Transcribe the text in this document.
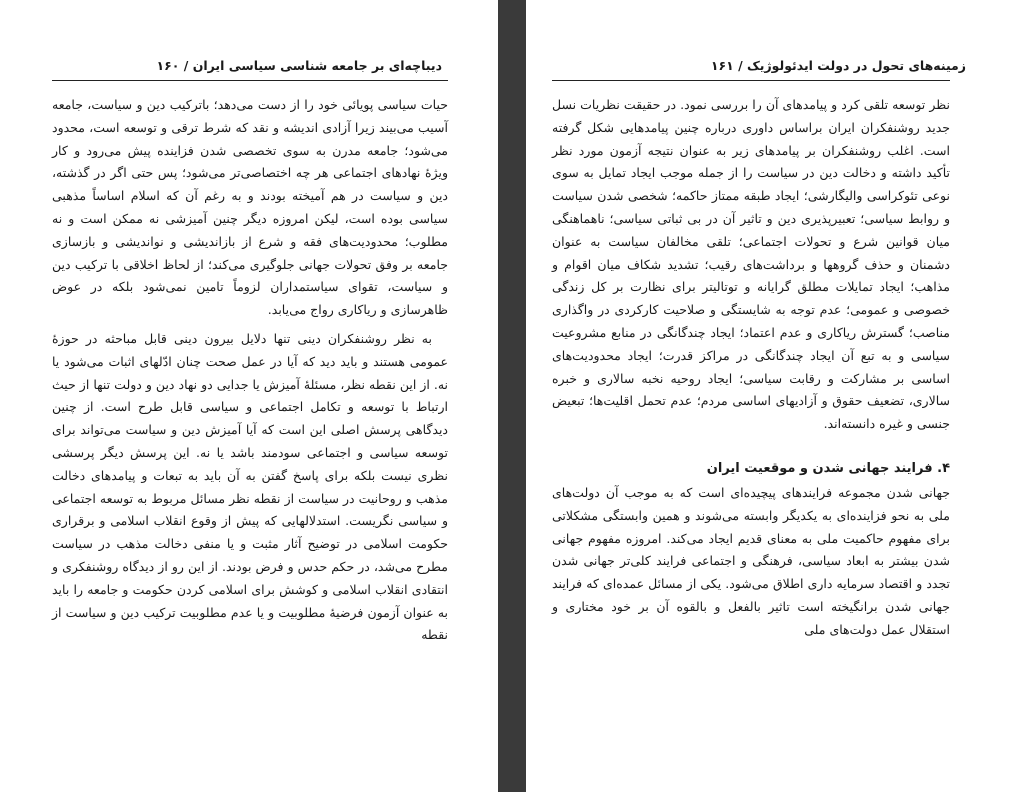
دیباچه‌ای بر جامعه شناسی سیاسی ایران / ۱۶۰

حیات سیاسی پویائی خود را از دست می‌دهد؛ باترکیب دین و سیاست، جامعه آسیب می‌بیند زیرا آزادی اندیشه و نقد که شرط ترقی و توسعه است، محدود می‌شود؛ جامعه مدرن به سوی تخصصی شدن فزاینده پیش می‌رود و کار ویژهٔ نهادهای اجتماعی هر چه اختصاصی‌تر می‌شود؛ پس حتی اگر در گذشته، دین و سیاست در هم آمیخته بودند و به رغم آن که اسلام اساساً مذهبی سیاسی بوده است، لیکن امروزه دیگر چنین آمیزشی نه ممکن است و نه مطلوب؛ محدودیت‌های فقه و شرع از بازاندیشی و نواندیشی و بازسازی جامعه بر وفق تحولات جهانی جلوگیری می‌کند؛ از لحاظ اخلاقی با ترکیب دین و سیاست، تقوای سیاستمداران لزوماً تامین نمی‌شود بلکه در عوض ظاهرسازی و ریاکاری رواج می‌یابد.

به نظر روشنفکران دینی تنها دلایل بیرون دینی قابل مباحثه در حوزهٔ عمومی هستند و باید دید که آیا در عمل صحت چنان ادّلهای اثبات می‌شود یا نه. از این نقطه نظر، مسئلهٔ آمیزش یا جدایی دو نهاد دین و دولت تنها از حیث ارتباط با توسعه و تکامل اجتماعی و سیاسی قابل طرح است. از چنین دیدگاهی پرسش اصلی این است که آیا آمیزش دین و سیاست می‌تواند برای توسعه سیاسی و اجتماعی سودمند باشد یا نه. این پرسش دیگر پرسشی نظری نیست بلکه برای پاسخ گفتن به آن باید به تبعات و پیامدهای دخالت مذهب و روحانیت در سیاست از نقطه نظر مسائل مربوط به توسعه اجتماعی و سیاسی نگریست. استدلالهایی که پیش از وقوع انقلاب اسلامی و برقراری حکومت اسلامی در توضیح آثار مثبت و یا منفی دخالت مذهب در سیاست مطرح می‌شد، در حکم حدس و فرض بودند. از این رو از دیدگاه روشنفکری و انتقادی انقلاب اسلامی و کوشش برای اسلامی کردن حکومت و جامعه را باید به عنوان آزمون فرضیهٔ مطلوبیت و یا عدم مطلوبیت ترکیب دین و سیاست از نقطه

زمینه‌های تحول در دولت ایدئولوژیک / ۱۶۱

نظر توسعه تلقی کرد و پیامدهای آن را بررسی نمود. در حقیقت نظریات نسل جدید روشنفکران ایران براساس داوری درباره چنین پیامدهایی شکل گرفته است. اغلب روشنفکران بر پیامدهای زیر به عنوان نتیجه آزمون مورد نظر تأکید داشته و دخالت دین در سیاست را از جمله موجب ایجاد تمایل به سوی نوعی تئوکراسی والیگارشی؛ ایجاد طبقه ممتاز حاکمه؛ شخصی شدن سیاست و روابط سیاسی؛ تعبیرپذیری دین و تاثیر آن در بی ثباتی سیاسی؛ ناهماهنگی میان قوانین شرع و تحولات اجتماعی؛ تلقی مخالفان سیاست به عنوان دشمنان و حذف گروهها و برداشت‌های رقیب؛ تشدید شکاف میان اقوام و مذاهب؛ ایجاد تمایلات مطلق گرایانه و توتالیتر برای نظارت بر کل زندگی خصوصی و عمومی؛ عدم توجه به شایستگی و صلاحیت کارکردی در واگذاری مناصب؛ گسترش ریاکاری و عدم اعتماد؛ ایجاد چندگانگی در منابع مشروعیت سیاسی و به تبع آن ایجاد چندگانگی در مراکز قدرت؛ ایجاد محدودیت‌های اساسی بر مشارکت و رقابت سیاسی؛ ایجاد روحیه نخبه سالاری و خبره سالاری، تضعیف حقوق و آزادیهای اساسی مردم؛ عدم تحمل اقلیت‌ها؛ تبعیض جنسی و غیره دانسته‌اند.

۴. فرایند جهانی شدن و موقعیت ایران

جهانی شدن مجموعه فرایندهای پیچیده‌ای است که به موجب آن دولت‌های ملی به نحو فزاینده‌ای به یکدیگر وابسته می‌شوند و همین وابستگی مشکلاتی برای مفهوم حاکمیت ملی به معنای قدیم ایجاد می‌کند. امروزه مفهوم جهانی شدن بیشتر به ابعاد سیاسی، فرهنگی و اجتماعی فرایند کلی‌تر جهانی شدن تجدد و اقتصاد سرمایه داری اطلاق می‌شود. یکی از مسائل عمده‌ای که فرایند جهانی شدن برانگیخته است تاثیر بالفعل و بالقوه آن بر خود مختاری و استقلال عمل دولت‌های ملی
